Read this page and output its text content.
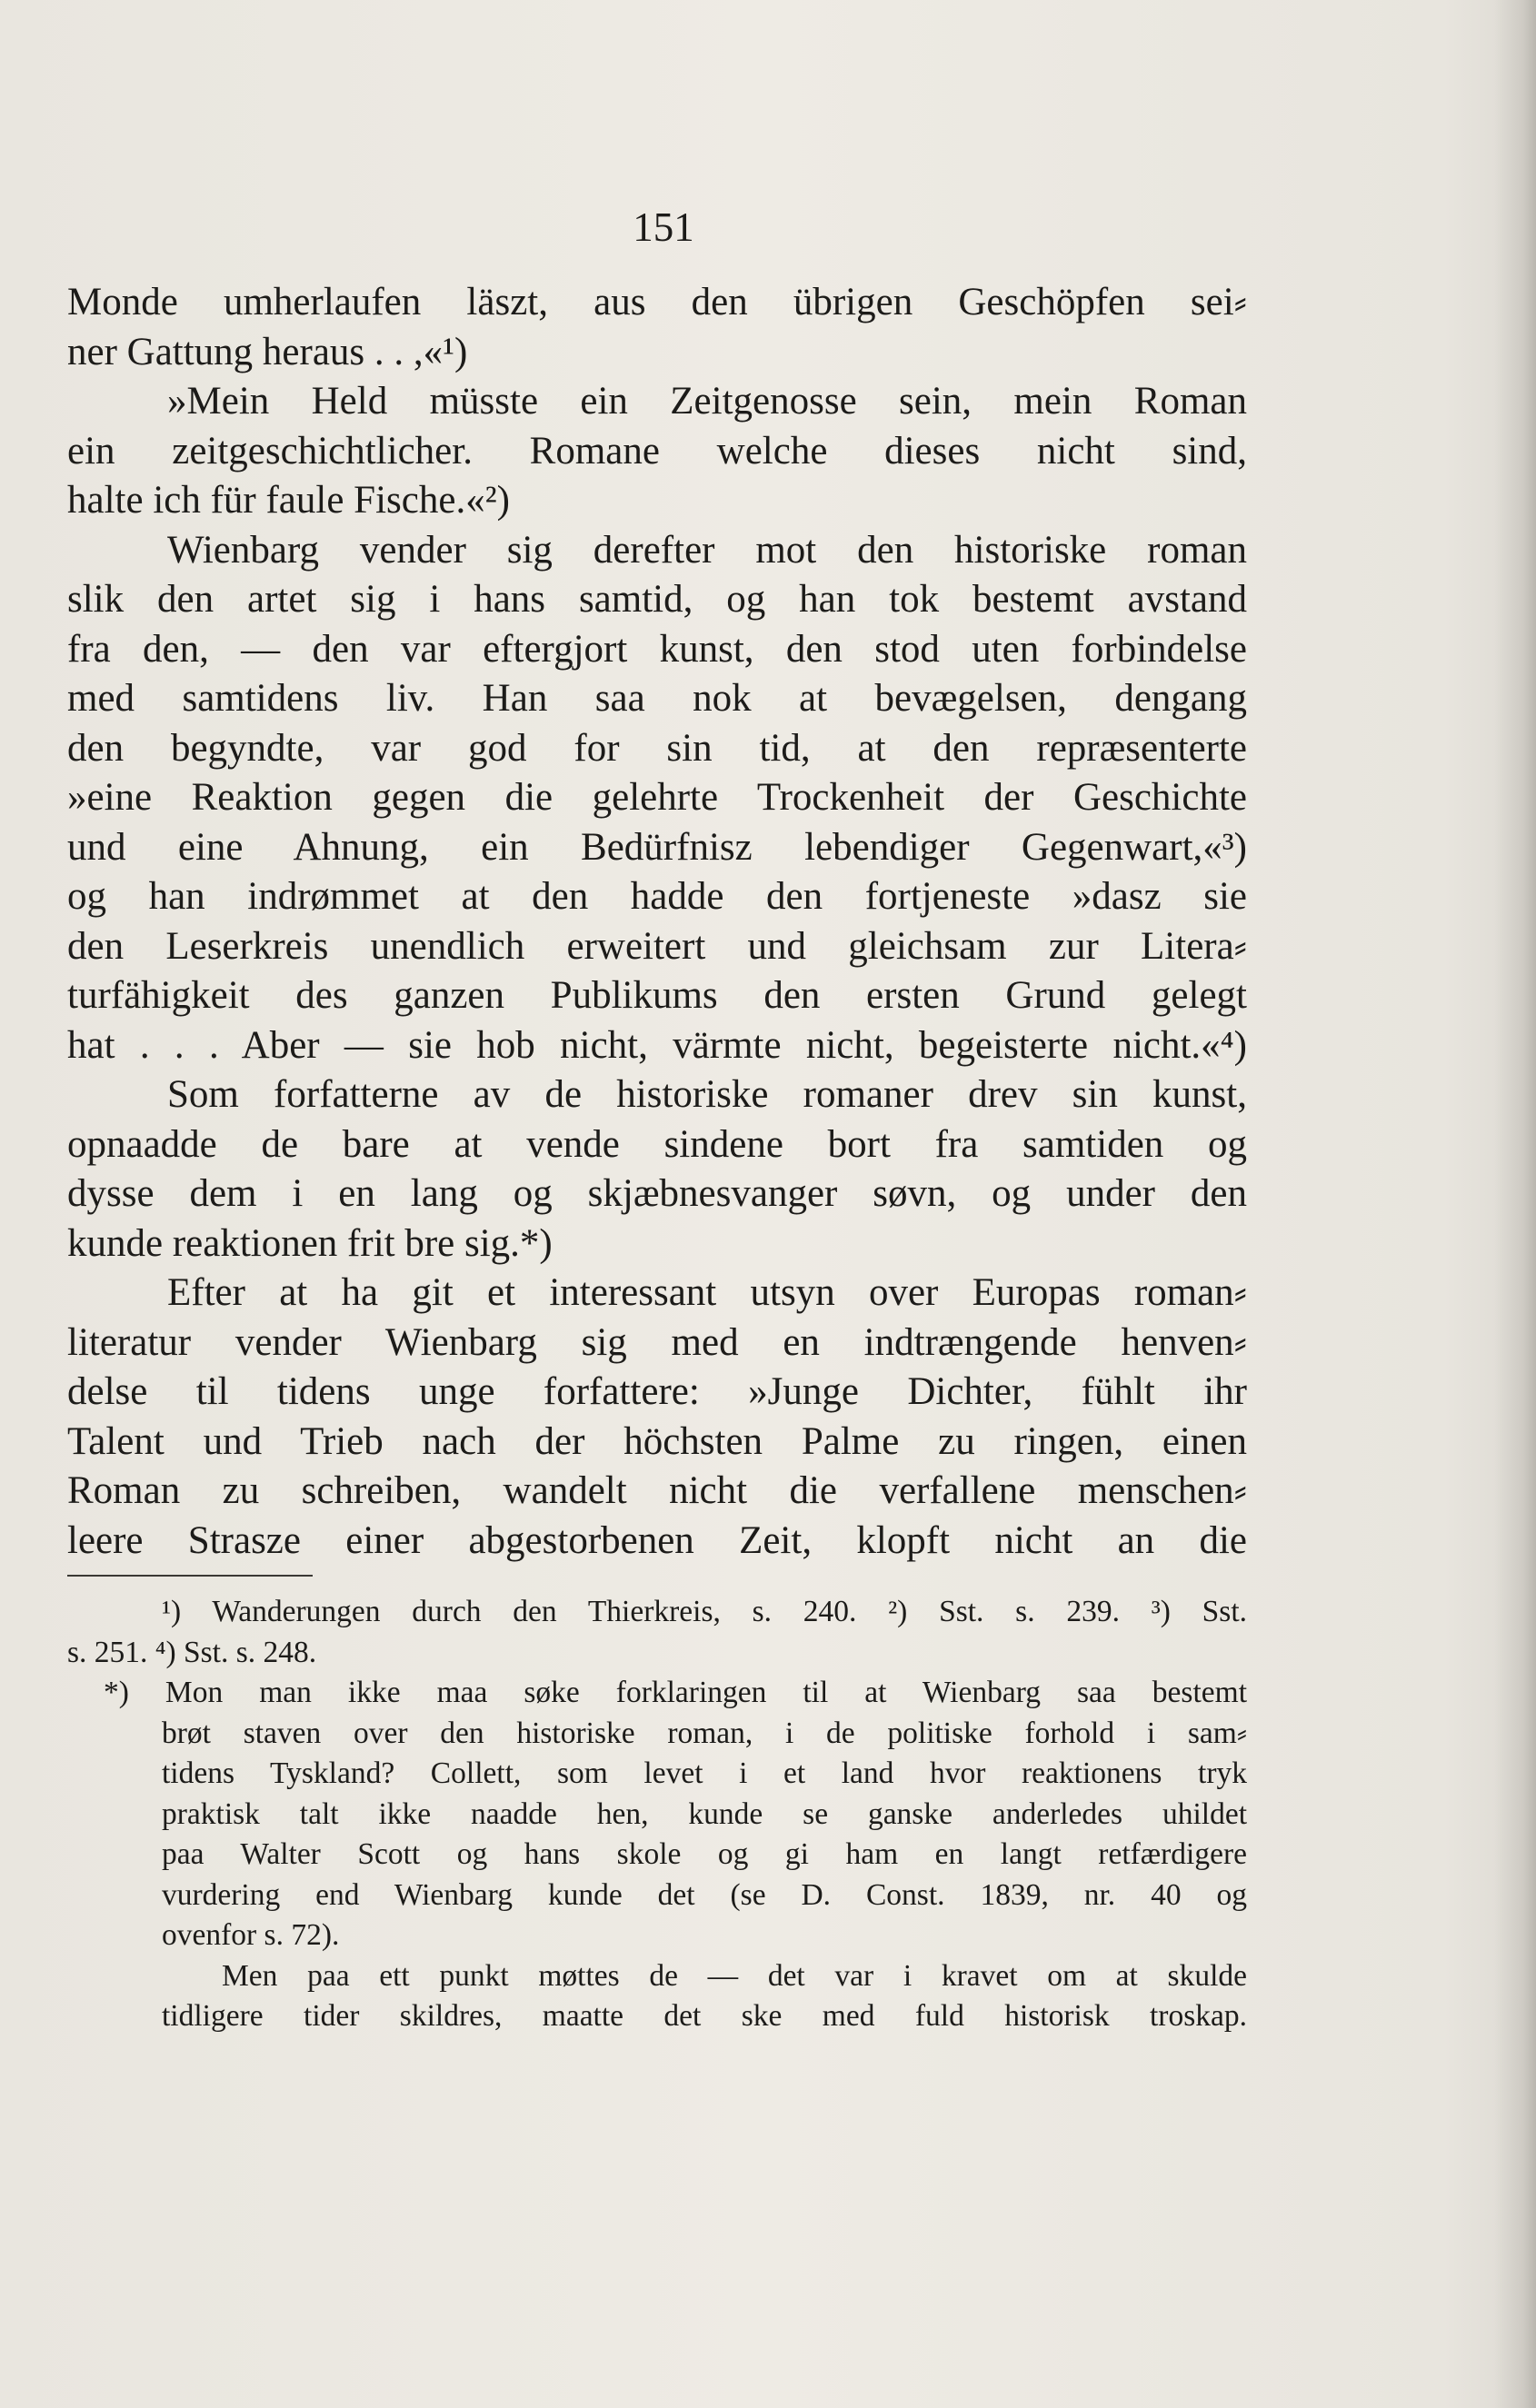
151
Monde umherlaufen läszt, aus den übrigen Geschöpfen sei⸗
ner Gattung heraus . . ,«¹)
»Mein Held müsste ein Zeitgenosse sein, mein Roman
ein zeitgeschichtlicher. Romane welche dieses nicht sind,
halte ich für faule Fische.«²)
Wienbarg vender sig derefter mot den historiske roman
slik den artet sig i hans samtid, og han tok bestemt avstand
fra den, — den var eftergjort kunst, den stod uten forbindelse
med samtidens liv. Han saa nok at bevægelsen, dengang
den begyndte, var god for sin tid, at den repræsenterte
»eine Reaktion gegen die gelehrte Trockenheit der Geschichte
und eine Ahnung, ein Bedürfnisz lebendiger Gegenwart,«³)
og han indrømmet at den hadde den fortjeneste »dasz sie
den Leserkreis unendlich erweitert und gleichsam zur Litera⸗
turfähigkeit des ganzen Publikums den ersten Grund gelegt
hat . . . Aber — sie hob nicht, värmte nicht, begeisterte nicht.«⁴)
Som forfatterne av de historiske romaner drev sin kunst,
opnaadde de bare at vende sindene bort fra samtiden og
dysse dem i en lang og skjæbnesvanger søvn, og under den
kunde reaktionen frit bre sig.*)
Efter at ha git et interessant utsyn over Europas roman⸗
literatur vender Wienbarg sig med en indtrængende henven⸗
delse til tidens unge forfattere: »Junge Dichter, fühlt ihr
Talent und Trieb nach der höchsten Palme zu ringen, einen
Roman zu schreiben, wandelt nicht die verfallene menschen⸗
leere Strasze einer abgestorbenen Zeit, klopft nicht an die
¹) Wanderungen durch den Thierkreis, s. 240. ²) Sst. s. 239. ³) Sst.
s. 251. ⁴) Sst. s. 248.
*) Mon man ikke maa søke forklaringen til at Wienbarg saa bestemt
brøt staven over den historiske roman, i de politiske forhold i sam⸗
tidens Tyskland? Collett, som levet i et land hvor reaktionens tryk
praktisk talt ikke naadde hen, kunde se ganske anderledes uhildet
paa Walter Scott og hans skole og gi ham en langt retfærdigere
vurdering end Wienbarg kunde det (se D. Const. 1839, nr. 40 og
ovenfor s. 72).
Men paa ett punkt møttes de — det var i kravet om at skulde
tidligere tider skildres, maatte det ske med fuld historisk troskap.
